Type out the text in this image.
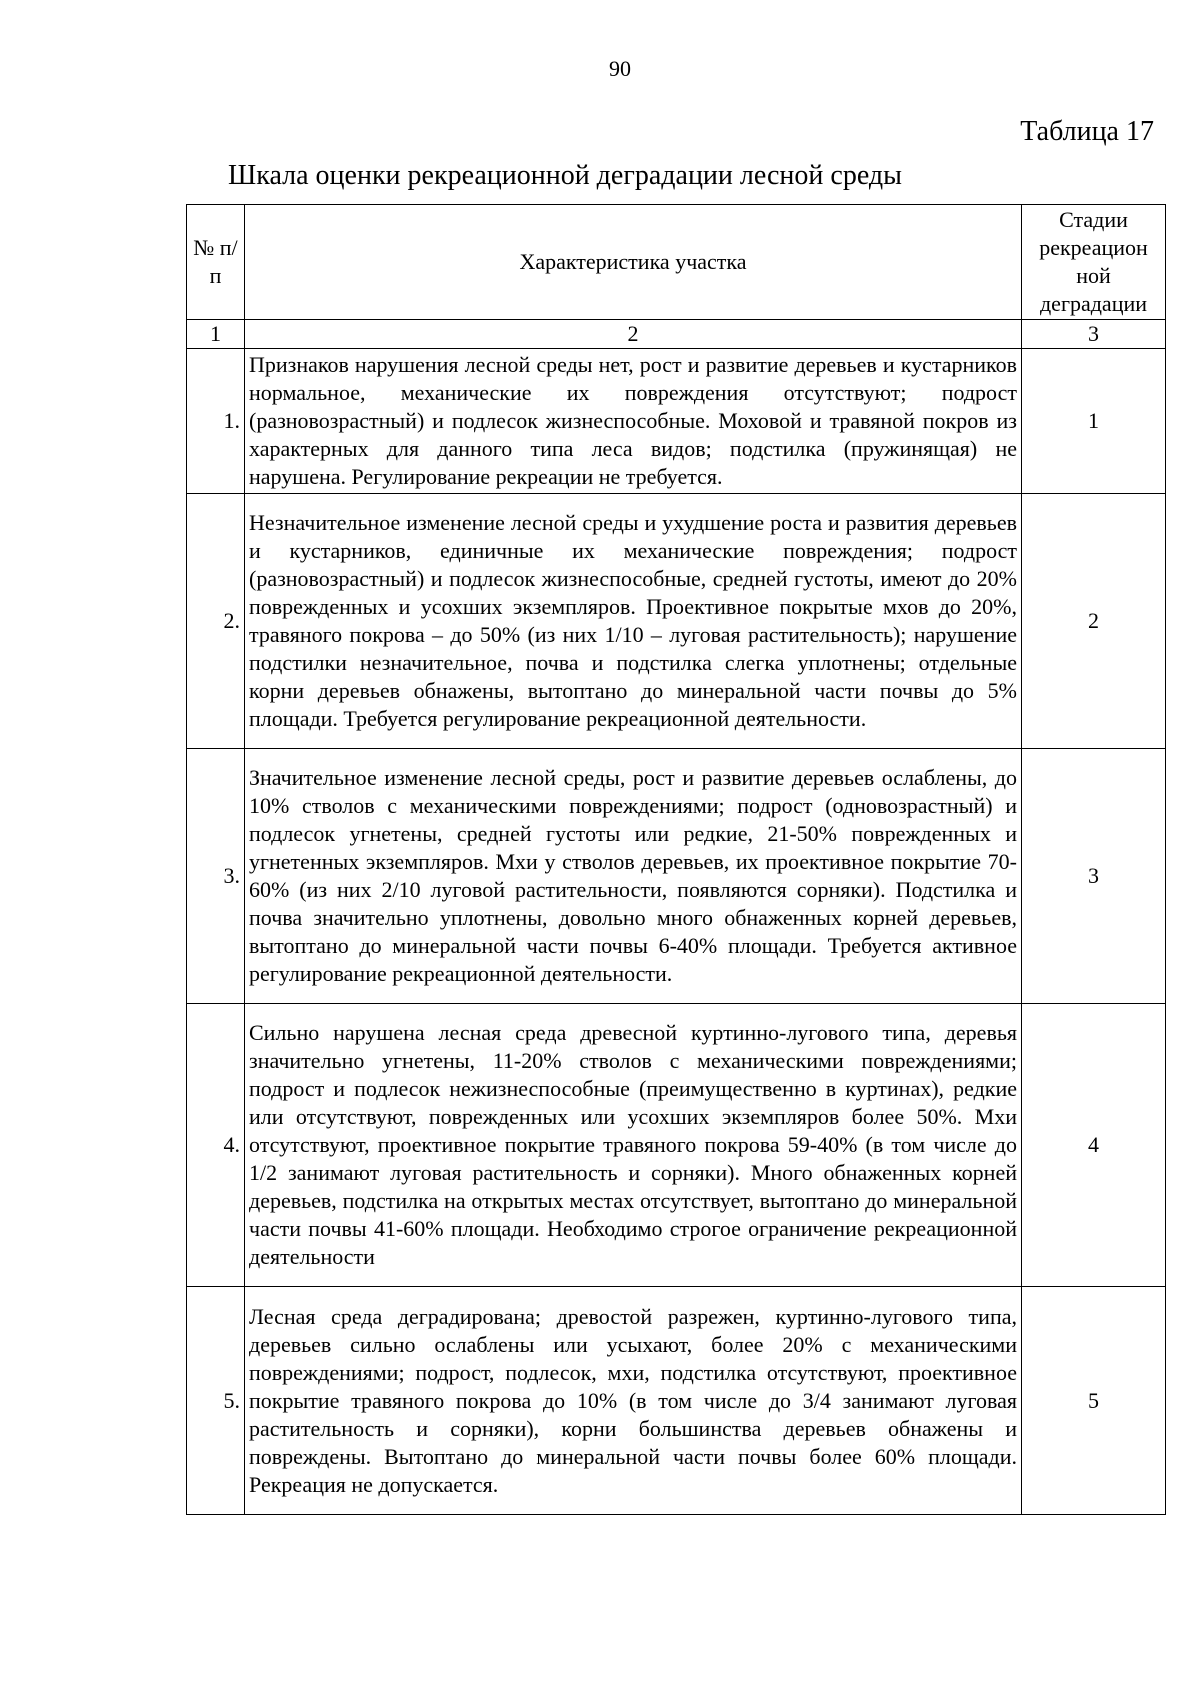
90
Таблица 17
Шкала оценки рекреационной деградации лесной среды
№ п/п	Характеристика участка	Стадии рекреацион ной деградации
1	2	3
1.	Признаков нарушения лесной среды нет, рост и развитие деревьев и кустарников нормальное, механические их повреждения отсутствуют; подрост (разновозрастный) и подлесок жизнеспособные. Моховой и травяной покров из характерных для данного типа леса видов; подстилка (пружинящая) не нарушена. Регулирование рекреации не требуется.	1
2.	Незначительное изменение лесной среды и ухудшение роста и развития деревьев и кустарников, единичные их механические повреждения; подрост (разновозрастный) и подлесок жизнеспособные, средней густоты, имеют до 20% поврежденных и усохших экземпляров. Проективное покрытые мхов до 20%, травяного покрова – до 50% (из них 1/10 – луговая растительность); нарушение подстилки незначительное, почва и подстилка слегка уплотнены; отдельные корни деревьев обнажены, вытоптано до минеральной части почвы до 5% площади. Требуется регулирование рекреационной деятельности.	2
3.	Значительное изменение лесной среды, рост и развитие деревьев ослаблены, до 10% стволов с механическими повреждениями; подрост (одновозрастный) и подлесок угнетены, средней густоты или редкие, 21-50% поврежденных и угнетенных экземпляров. Мхи у стволов деревьев, их проективное покрытие 70-60% (из них 2/10 луговой растительности, появляются сорняки). Подстилка и почва значительно уплотнены, довольно много обнаженных корней деревьев, вытоптано до минеральной части почвы 6-40% площади. Требуется активное регулирование рекреационной деятельности.	3
4.	Сильно нарушена лесная среда древесной куртинно-лугового типа, деревья значительно угнетены, 11-20% стволов с механическими повреждениями; подрост и подлесок нежизнеспособные (преимущественно в куртинах), редкие или отсутствуют, поврежденных или усохших экземпляров более 50%. Мхи отсутствуют, проективное покрытие травяного покрова 59-40% (в том числе до 1/2 занимают луговая растительность и сорняки). Много обнаженных корней деревьев, подстилка на открытых местах отсутствует, вытоптано до минеральной части почвы 41-60% площади. Необходимо строгое ограничение рекреационной деятельности	4
5.	Лесная среда деградирована; древостой разрежен, куртинно-лугового типа, деревьев сильно ослаблены или усыхают, более 20% с механическими повреждениями; подрост, подлесок, мхи, подстилка отсутствуют, проективное покрытие травяного покрова до 10% (в том числе до 3/4 занимают луговая растительность и сорняки), корни большинства деревьев обнажены и повреждены. Вытоптано до минеральной части почвы более 60% площади. Рекреация не допускается.	5
